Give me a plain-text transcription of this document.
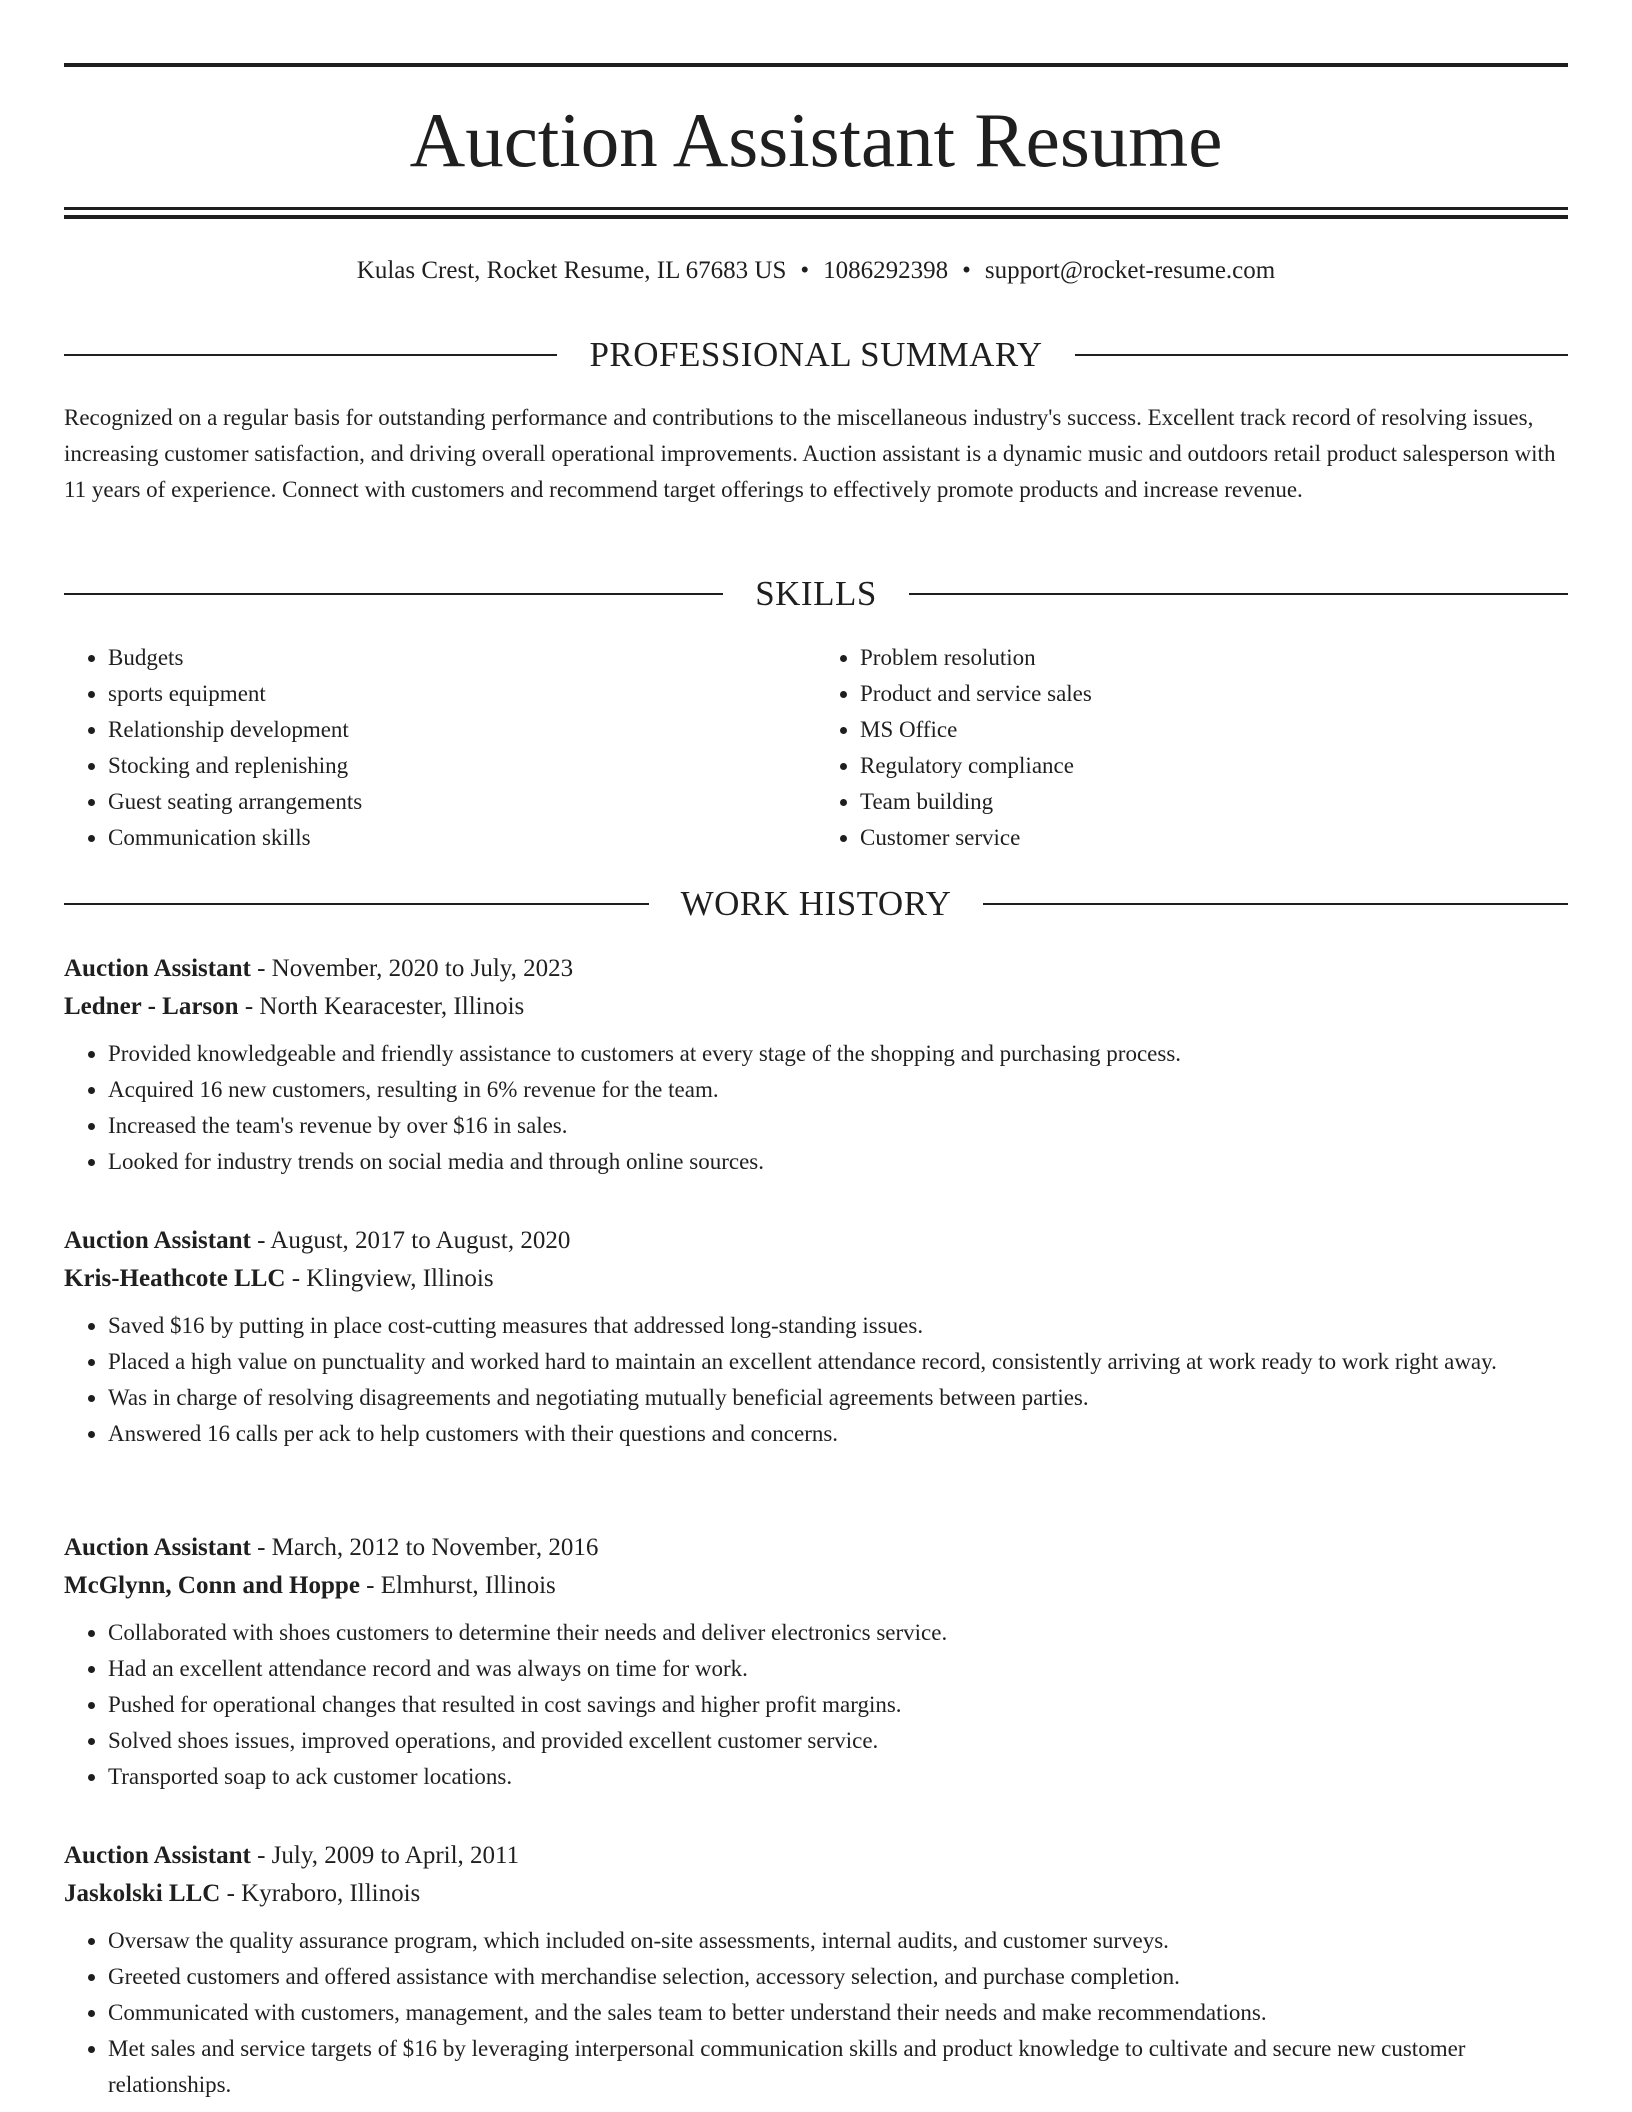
Auction Assistant Resume
Kulas Crest, Rocket Resume, IL 67683 US • 1086292398 • support@rocket-resume.com
PROFESSIONAL SUMMARY

Recognized on a regular basis for outstanding performance and contributions to the miscellaneous industry's success. Excellent track record of resolving issues, increasing customer satisfaction, and driving overall operational improvements. Auction assistant is a dynamic music and outdoors retail product salesperson with 11 years of experience. Connect with customers and recommend target offerings to effectively promote products and increase revenue.

SKILLS
• Budgets
• sports equipment
• Relationship development
• Stocking and replenishing
• Guest seating arrangements
• Communication skills
• Problem resolution
• Product and service sales
• MS Office
• Regulatory compliance
• Team building
• Customer service
WORK HISTORY
Auction Assistant - November, 2020 to July, 2023
Ledner - Larson - North Kearacester, Illinois
• Provided knowledgeable and friendly assistance to customers at every stage of the shopping and purchasing process.
• Acquired 16 new customers, resulting in 6% revenue for the team.
• Increased the team's revenue by over $16 in sales.
• Looked for industry trends on social media and through online sources.
Auction Assistant - August, 2017 to August, 2020
Kris-Heathcote LLC - Klingview, Illinois
• Saved $16 by putting in place cost-cutting measures that addressed long-standing issues.
• Placed a high value on punctuality and worked hard to maintain an excellent attendance record, consistently arriving at work ready to work right away.
• Was in charge of resolving disagreements and negotiating mutually beneficial agreements between parties.
• Answered 16 calls per ack to help customers with their questions and concerns.
Auction Assistant - March, 2012 to November, 2016
McGlynn, Conn and Hoppe - Elmhurst, Illinois
• Collaborated with shoes customers to determine their needs and deliver electronics service.
• Had an excellent attendance record and was always on time for work.
• Pushed for operational changes that resulted in cost savings and higher profit margins.
• Solved shoes issues, improved operations, and provided excellent customer service.
• Transported soap to ack customer locations.
Auction Assistant - July, 2009 to April, 2011
Jaskolski LLC - Kyraboro, Illinois
• Oversaw the quality assurance program, which included on-site assessments, internal audits, and customer surveys.
• Greeted customers and offered assistance with merchandise selection, accessory selection, and purchase completion.
• Communicated with customers, management, and the sales team to better understand their needs and make recommendations.
• Met sales and service targets of $16 by leveraging interpersonal communication skills and product knowledge to cultivate and secure new customer relationships.
